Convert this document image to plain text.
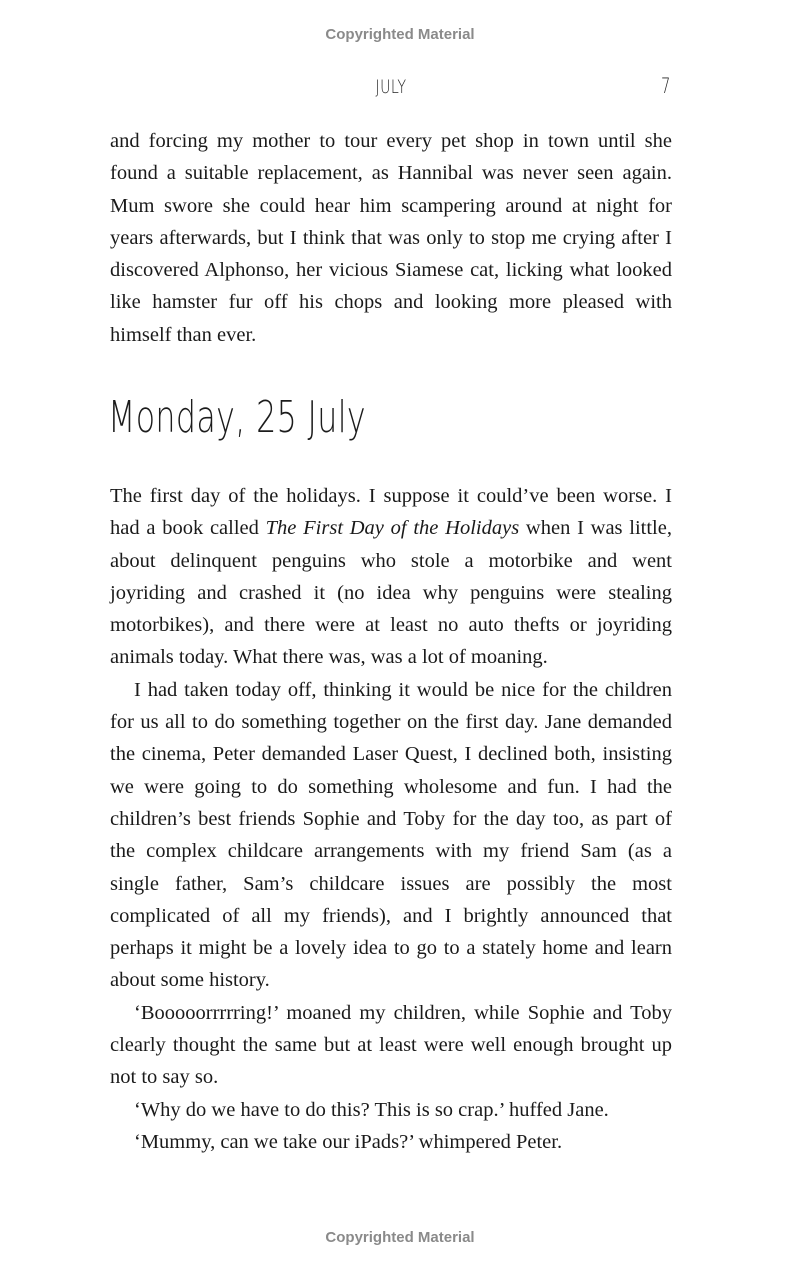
Copyrighted Material
JULY	7

and forcing my mother to tour every pet shop in town until she found a suitable replacement, as Hannibal was never seen again. Mum swore she could hear him scampering around at night for years afterwards, but I think that was only to stop me crying after I discovered Alphonso, her vicious Siamese cat, licking what looked like hamster fur off his chops and looking more pleased with himself than ever.

Monday, 25 July

The first day of the holidays. I suppose it could’ve been worse. I had a book called The First Day of the Holidays when I was little, about delinquent penguins who stole a motorbike and went joyriding and crashed it (no idea why penguins were stealing motorbikes), and there were at least no auto thefts or joyriding animals today. What there was, was a lot of moaning.

I had taken today off, thinking it would be nice for the children for us all to do something together on the first day. Jane demanded the cinema, Peter demanded Laser Quest, I declined both, insisting we were going to do something wholesome and fun. I had the children’s best friends Sophie and Toby for the day too, as part of the complex childcare arrangements with my friend Sam (as a single father, Sam’s childcare issues are possibly the most complicated of all my friends), and I brightly announced that perhaps it might be a lovely idea to go to a stately home and learn about some history.

‘Booooorrrrring!’ moaned my children, while Sophie and Toby clearly thought the same but at least were well enough brought up not to say so.

‘Why do we have to do this? This is so crap.’ huffed Jane.

‘Mummy, can we take our iPads?’ whimpered Peter.

Copyrighted Material
